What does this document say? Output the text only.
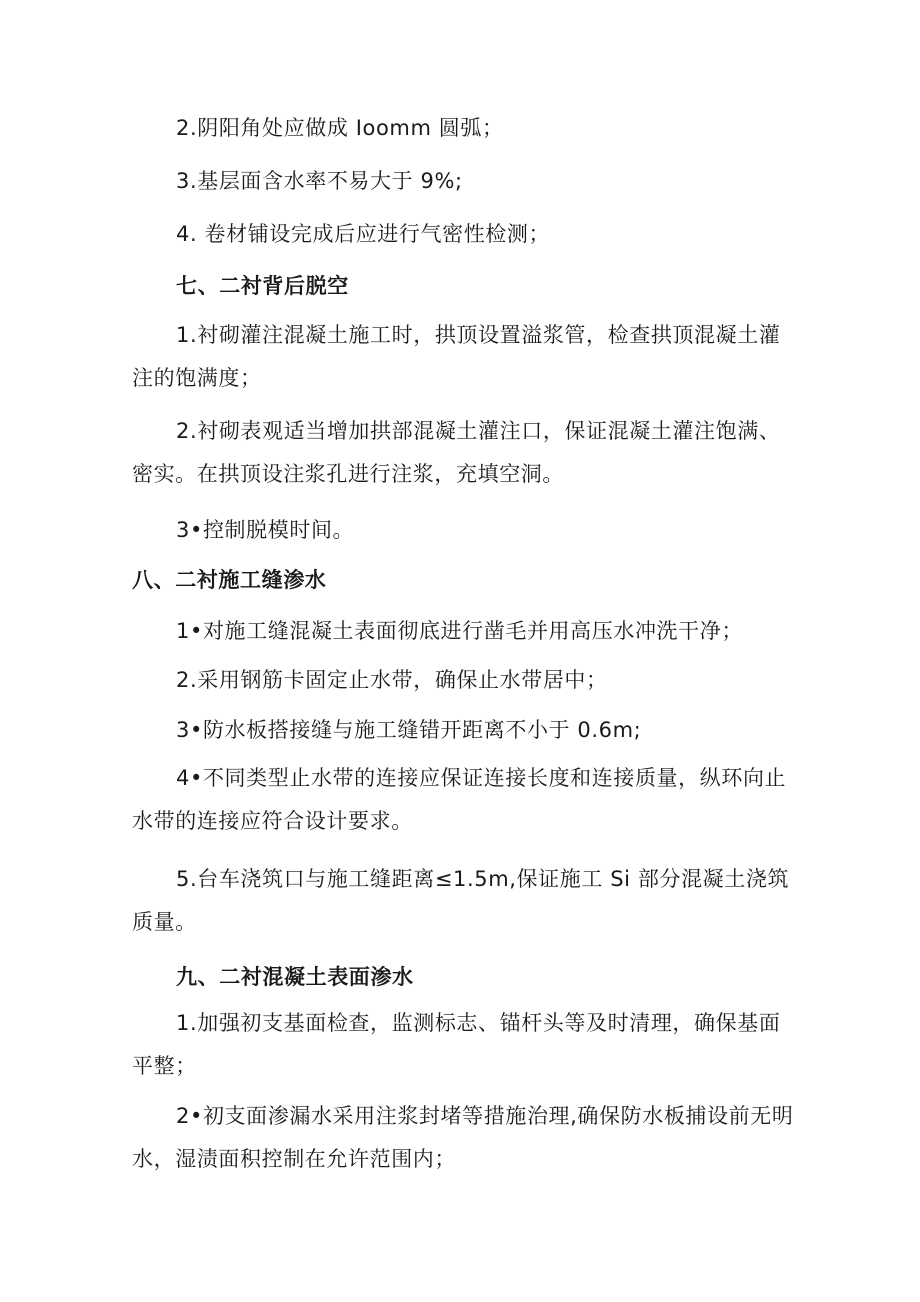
2.阴阳角处应做成 Ioomm 圆弧；
3.基层面含水率不易大于 9%;
4. 卷材铺设完成后应进行气密性检测；
七、二衬背后脱空
1.衬砌灌注混凝土施工时，拱顶设置溢浆管，检查拱顶混凝土灌注的饱满度；
2.衬砌表观适当增加拱部混凝土灌注口，保证混凝土灌注饱满、密实。在拱顶设注浆孔进行注浆，充填空洞。
3•控制脱模时间。
八、二衬施工缝渗水
1•对施工缝混凝土表面彻底进行凿毛并用高压水冲洗干净；
2.采用钢筋卡固定止水带，确保止水带居中；
3•防水板搭接缝与施工缝错开距离不小于 0.6m;
4•不同类型止水带的连接应保证连接长度和连接质量，纵环向止水带的连接应符合设计要求。
5.台车浇筑口与施工缝距离≤1.5m,保证施工 Si 部分混凝土浇筑质量。
九、二衬混凝土表面渗水
1.加强初支基面检查，监测标志、锚杆头等及时清理，确保基面平整；
2•初支面渗漏水采用注浆封堵等措施治理,确保防水板捕设前无明水，湿渍面积控制在允许范围内；
